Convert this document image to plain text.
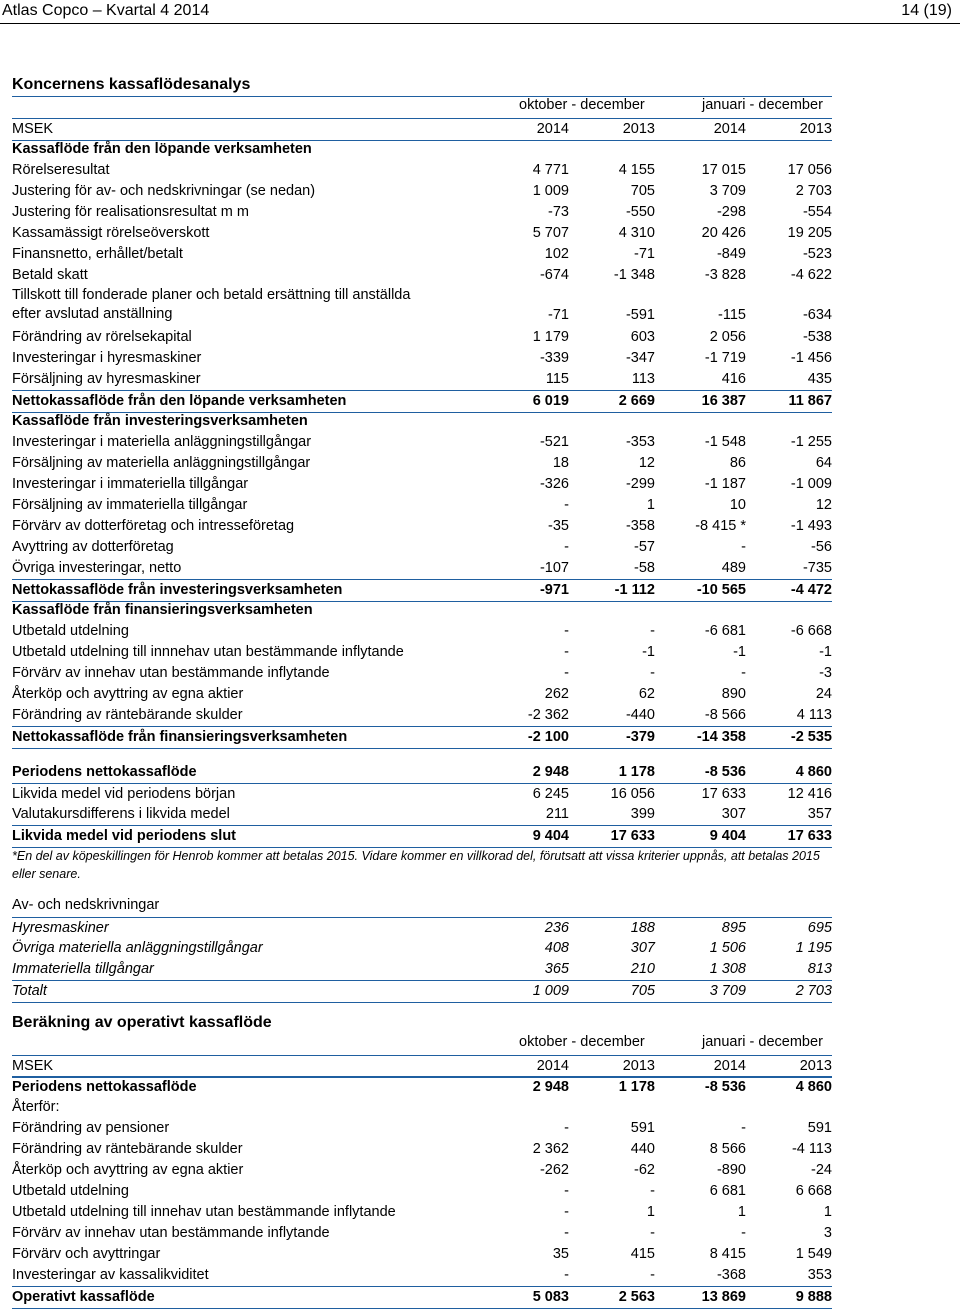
Atlas Copco – Kvartal 4 2014	14 (19)
Koncernens kassaflödesanalys
oktober - december	januari - december
MSEK	2014	2013	2014	2013
Kassaflöde från den löpande verksamheten
Rörelseresultat	4 771	4 155	17 015	17 056
Justering för av- och nedskrivningar (se nedan)	1 009	705	3 709	2 703
Justering för realisationsresultat m m	-73	-550	-298	-554
Kassamässigt rörelseöverskott	5 707	4 310	20 426	19 205
Finansnetto, erhållet/betalt	102	-71	-849	-523
Betald skatt	-674	-1 348	-3 828	-4 622
Tillskott till fonderade planer och betald ersättning till anställda
efter avslutad anställning	-71	-591	-115	-634
Förändring av rörelsekapital	1 179	603	2 056	-538
Investeringar i hyresmaskiner	-339	-347	-1 719	-1 456
Försäljning av hyresmaskiner	115	113	416	435
Nettokassaflöde från den löpande verksamheten	6 019	2 669	16 387	11 867
Kassaflöde från investeringsverksamheten
Investeringar i materiella anläggningstillgångar	-521	-353	-1 548	-1 255
Försäljning av materiella anläggningstillgångar	18	12	86	64
Investeringar i immateriella tillgångar	-326	-299	-1 187	-1 009
Försäljning av immateriella tillgångar	-	1	10	12
Förvärv av dotterföretag och intresseföretag	-35	-358	-8 415 *	-1 493
Avyttring av dotterföretag	-	-57	-	-56
Övriga investeringar, netto	-107	-58	489	-735
Nettokassaflöde från investeringsverksamheten	-971	-1 112	-10 565	-4 472
Kassaflöde från finansieringsverksamheten
Utbetald utdelning	-	-	-6 681	-6 668
Utbetald utdelning till innnehav utan bestämmande inflytande	-	-1	-1	-1
Förvärv av innehav utan bestämmande inflytande	-	-	-	-3
Återköp och avyttring av egna aktier	262	62	890	24
Förändring av räntebärande skulder	-2 362	-440	-8 566	4 113
Nettokassaflöde från finansieringsverksamheten	-2 100	-379	-14 358	-2 535
Periodens nettokassaflöde	2 948	1 178	-8 536	4 860
Likvida medel vid periodens början	6 245	16 056	17 633	12 416
Valutakursdifferens i likvida medel	211	399	307	357
Likvida medel vid periodens slut	9 404	17 633	9 404	17 633
*En del av köpeskillingen för Henrob kommer att betalas 2015. Vidare kommer en villkorad del, förutsatt att vissa kriterier uppnås, att betalas 2015 eller senare.
Av- och nedskrivningar
Hyresmaskiner	236	188	895	695
Övriga materiella anläggningstillgångar	408	307	1 506	1 195
Immateriella tillgångar	365	210	1 308	813
Totalt	1 009	705	3 709	2 703
Beräkning av operativt kassaflöde
oktober - december	januari - december
MSEK	2014	2013	2014	2013
Periodens nettokassaflöde	2 948	1 178	-8 536	4 860
Återför:
Förändring av pensioner	-	591	-	591
Förändring av räntebärande skulder	2 362	440	8 566	-4 113
Återköp och avyttring av egna aktier	-262	-62	-890	-24
Utbetald utdelning	-	-	6 681	6 668
Utbetald utdelning till innehav utan bestämmande inflytande	-	1	1	1
Förvärv av innehav utan bestämmande inflytande	-	-	-	3
Förvärv och avyttringar	35	415	8 415	1 549
Investeringar av kassalikviditet	-	-	-368	353
Operativt kassaflöde	5 083	2 563	13 869	9 888
